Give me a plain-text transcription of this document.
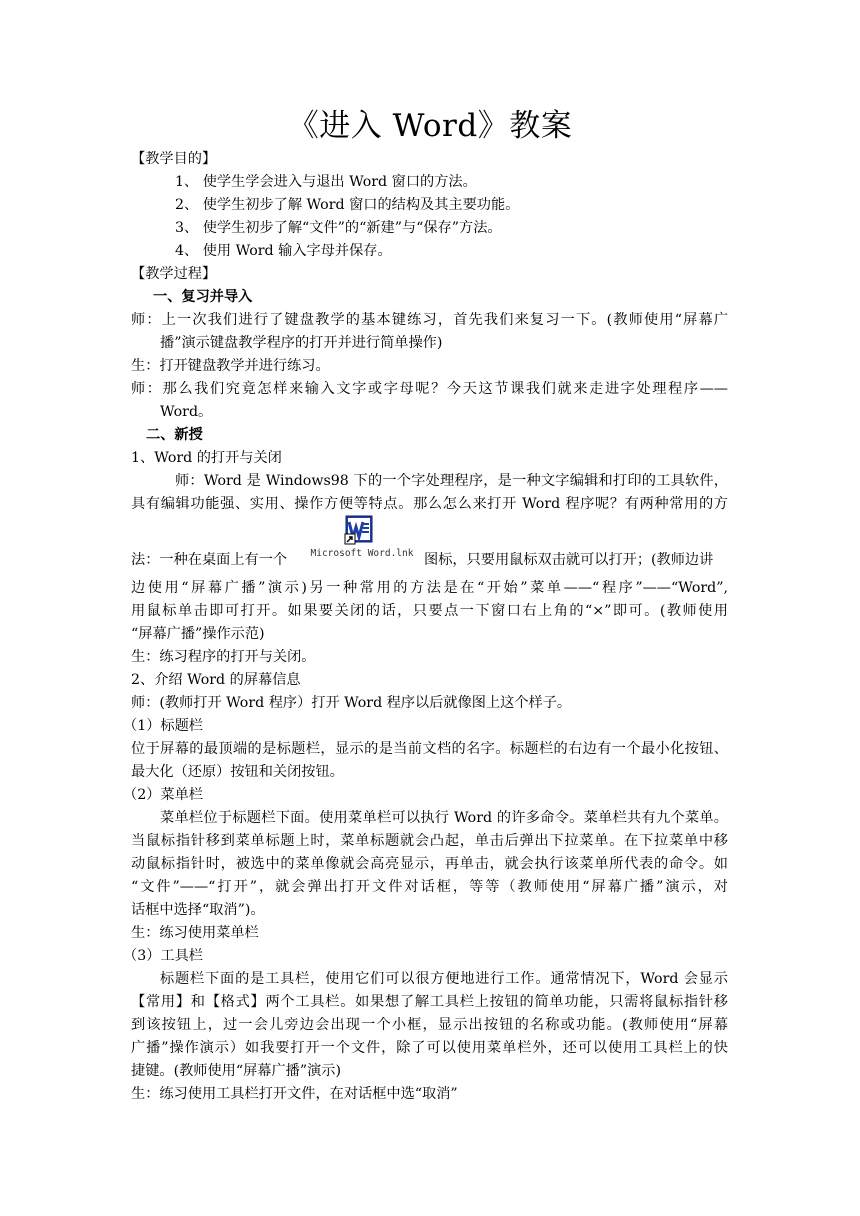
《进入 Word》教案
【教学目的】
1、 使学生学会进入与退出 Word 窗口的方法。
2、 使学生初步了解 Word 窗口的结构及其主要功能。
3、 使学生初步了解“文件”的“新建”与“保存”方法。
4、 使用 Word 输入字母并保存。
【教学过程】
一、复习并导入
师：上一次我们进行了键盘教学的基本键练习，首先我们来复习一下。(教师使用“屏幕广
播”演示键盘教学程序的打开并进行简单操作)
生：打开键盘教学并进行练习。
师：那么我们究竟怎样来输入文字或字母呢？今天这节课我们就来走进字处理程序——
Word。
二、新授
1、Word 的打开与关闭
师：Word 是 Windows98 下的一个字处理程序，是一种文字编辑和打印的工具软件，
具有编辑功能强、实用、操作方便等特点。那么怎么来打开 Word 程序呢？有两种常用的方
法：一种在桌面上有一个	Microsoft Word.lnk 图标，只要用鼠标双击就可以打开；(教师边讲
边使用“屏幕广播”演示)另一种常用的方法是在“开始”菜单——“程序”——“Word”,
用鼠标单击即可打开。如果要关闭的话，只要点一下窗口右上角的“×”即可。(教师使用
“屏幕广播”操作示范)
生：练习程序的打开与关闭。
2、介绍 Word 的屏幕信息
师：(教师打开 Word 程序）打开 Word 程序以后就像图上这个样子。
（1）标题栏
位于屏幕的最顶端的是标题栏，显示的是当前文档的名字。标题栏的右边有一个最小化按钮、
最大化（还原）按钮和关闭按钮。
（2）菜单栏
菜单栏位于标题栏下面。使用菜单栏可以执行 Word 的许多命令。菜单栏共有九个菜单。
当鼠标指针移到菜单标题上时，菜单标题就会凸起，单击后弹出下拉菜单。在下拉菜单中移
动鼠标指针时，被选中的菜单像就会高亮显示，再单击，就会执行该菜单所代表的命令。如
“文件”——“打开”，就会弹出打开文件对话框，等等（教师使用“屏幕广播”演示，对
话框中选择“取消”)。
生：练习使用菜单栏
（3）工具栏
标题栏下面的是工具栏，使用它们可以很方便地进行工作。通常情况下，Word 会显示
【常用】和【格式】两个工具栏。如果想了解工具栏上按钮的简单功能，只需将鼠标指针移
到该按钮上，过一会儿旁边会出现一个小框，显示出按钮的名称或功能。(教师使用“屏幕
广播”操作演示）如我要打开一个文件，除了可以使用菜单栏外，还可以使用工具栏上的快
捷键。(教师使用“屏幕广播”演示)
生：练习使用工具栏打开文件，在对话框中选“取消”
